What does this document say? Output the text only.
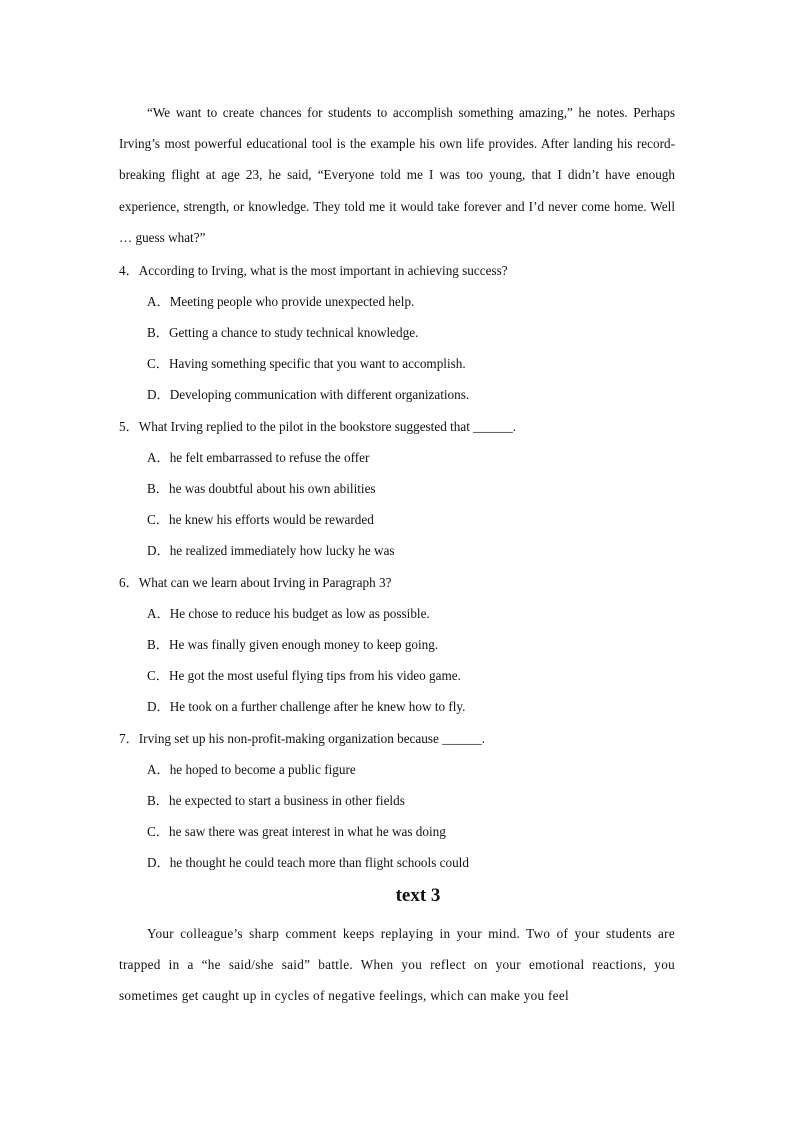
“We want to create chances for students to accomplish something amazing,” he notes. Perhaps Irving’s most powerful educational tool is the example his own life provides. After landing his record-breaking flight at age 23, he said, “Everyone told me I was too young, that I didn’t have enough experience, strength, or knowledge. They told me it would take forever and I’d never come home. Well … guess what?”

4．According to Irving, what is the most important in achieving success?
A．Meeting people who provide unexpected help.
B．Getting a chance to study technical knowledge.
C．Having something specific that you want to accomplish.
D．Developing communication with different organizations.
5．What Irving replied to the pilot in the bookstore suggested that ______.
A．he felt embarrassed to refuse the offer
B．he was doubtful about his own abilities
C．he knew his efforts would be rewarded
D．he realized immediately how lucky he was
6．What can we learn about Irving in Paragraph 3?
A．He chose to reduce his budget as low as possible.
B．He was finally given enough money to keep going.
C．He got the most useful flying tips from his video game.
D．He took on a further challenge after he knew how to fly.
7．Irving set up his non-profit-making organization because ______.
A．he hoped to become a public figure
B．he expected to start a business in other fields
C．he saw there was great interest in what he was doing
D．he thought he could teach more than flight schools could
text 3

Your colleague’s sharp comment keeps replaying in your mind. Two of your students are trapped in a “he said/she said” battle. When you reflect on your emotional reactions, you sometimes get caught up in cycles of negative feelings, which can make you feel
